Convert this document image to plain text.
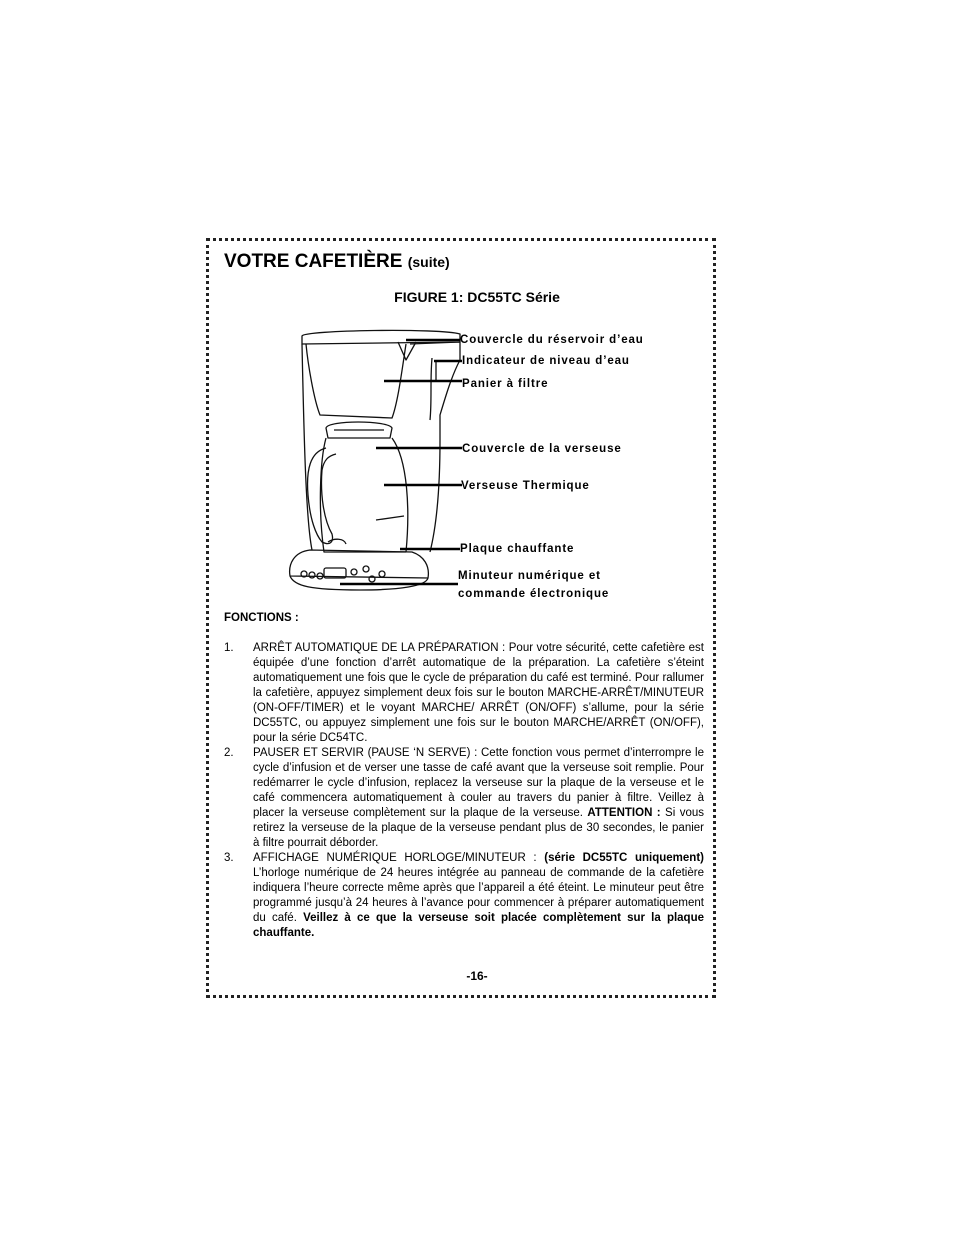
VOTRE CAFETIÈRE (suite)
FIGURE 1: DC55TC Série
Couvercle du réservoir d’eau
Indicateur de niveau d’eau
Panier à filtre
Couvercle de la verseuse
Verseuse Thermique
Plaque chauffante
Minuteur numérique et
commande électronique
FONCTIONS :
1. ARRÊT AUTOMATIQUE DE LA PRÉPARATION : Pour votre sécurité, cette cafetière est équipée d’une fonction d’arrêt automatique de la préparation. La cafetière s’éteint automatiquement une fois que le cycle de préparation du café est terminé. Pour rallumer la cafetière, appuyez simplement deux fois sur le bouton MARCHE-ARRÊT/MINUTEUR (ON-OFF/TIMER) et le voyant MARCHE/ ARRÊT (ON/OFF) s’allume, pour la série DC55TC, ou appuyez simplement une fois sur le bouton MARCHE/ARRÊT (ON/OFF), pour la série DC54TC.
2. PAUSER ET SERVIR (PAUSE ‘N SERVE) : Cette fonction vous permet d’interrompre le cycle d’infusion et de verser une tasse de café avant que la verseuse soit remplie. Pour redémarrer le cycle d’infusion, replacez la verseuse sur la plaque de la verseuse et le café commencera automatiquement à couler au travers du panier à filtre. Veillez à placer la verseuse complètement sur la plaque de la verseuse. ATTENTION : Si vous retirez la verseuse de la plaque de la verseuse pendant plus de 30 secondes, le panier à filtre pourrait déborder.
3. AFFICHAGE NUMÉRIQUE HORLOGE/MINUTEUR : (série DC55TC uniquement) L’horloge numérique de 24 heures intégrée au panneau de commande de la cafetière indiquera l’heure correcte même après que l’appareil a été éteint. Le minuteur peut être programmé jusqu’à 24 heures à l’avance pour commencer à préparer automatiquement du café. Veillez à ce que la verseuse soit placée complètement sur la plaque chauffante.
-16-
